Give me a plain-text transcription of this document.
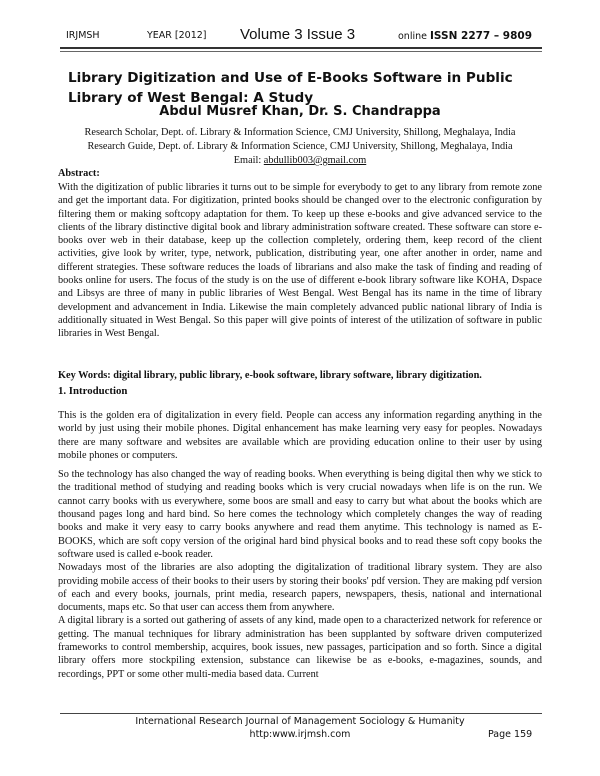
IRJMSH	YEAR [2012] Volume 3 Issue 3	online ISSN 2277 – 9809
Library Digitization and Use of E-Books Software in Public Library of West Bengal: A Study
Abdul Musref Khan, Dr. S. Chandrappa
Research Scholar, Dept. of. Library & Information Science, CMJ University, Shillong, Meghalaya, India
Research Guide, Dept. of. Library & Information Science, CMJ University, Shillong, Meghalaya, India
Email: abdullib003@gmail.com
Abstract:

With the digitization of public libraries it turns out to be simple for everybody to get to any library from remote zone and get the important data. For digitization, printed books should be changed over to the electronic configuration by filtering them or making softcopy adaptation for them. To keep up these e-books and give advanced service to the clients of the library distinctive digital book and library administration software created. These software can store e-books over web in their database, keep up the collection completely, ordering them, keep record of the client activities, give look by writer, type, network, publication, distributing year, one after another in order, name and different strategies. These software reduces the loads of librarians and also make the task of finding and reading of books online for users. The focus of the study is on the use of different e-book library software like KOHA, Dspace and Libsys are three of many in public libraries of West Bengal. West Bengal has its name in the time of library development and advancement in India. Likewise the main completely advanced public national library of India is additionally situated in West Bengal. So this paper will give points of interest of the utilization of software in public libraries in West Bengal.

Key Words: digital library, public library, e-book software, library software, library digitization.
1. Introduction

This is the golden era of digitalization in every field. People can access any information regarding anything in the world by just using their mobile phones. Digital enhancement has make learning very easy for peoples. Nowadays there are many software and websites are available which are providing education online to their user by using mobile phones or computers.

So the technology has also changed the way of reading books. When everything is being digital then why we stick to the traditional method of studying and reading books which is very crucial nowadays when life is on the run. We cannot carry books with us everywhere, some boos are small and easy to carry but what about the books which are thousand pages long and hard bind. So here comes the technology which completely changes the way of reading books and make it very easy to carry books anywhere and read them anytime. This technology is named as E-BOOKS, which are soft copy version of the original hard bind physical books and to read these soft copy books the software used is called e-book reader.

Nowadays most of the libraries are also adopting the digitalization of traditional library system. They are also providing mobile access of their books to their users by storing their books' pdf version. They are making pdf version of each and every books, journals, print media, research papers, newspapers, thesis, national and international documents, maps etc. So that user can access them from anywhere.

A digital library is a sorted out gathering of assets of any kind, made open to a characterized network for reference or getting. The manual techniques for library administration has been supplanted by software driven computerized frameworks to control membership, acquires, book issues, new passages, participation and so forth. Since a digital library offers more stockpiling extension, substance can likewise be as e-books, e-magazines, sounds, and recordings, PPT or some other multi-media based data. Current

International Research Journal of Management Sociology & Humanity
http:www.irjmsh.com	Page 159
